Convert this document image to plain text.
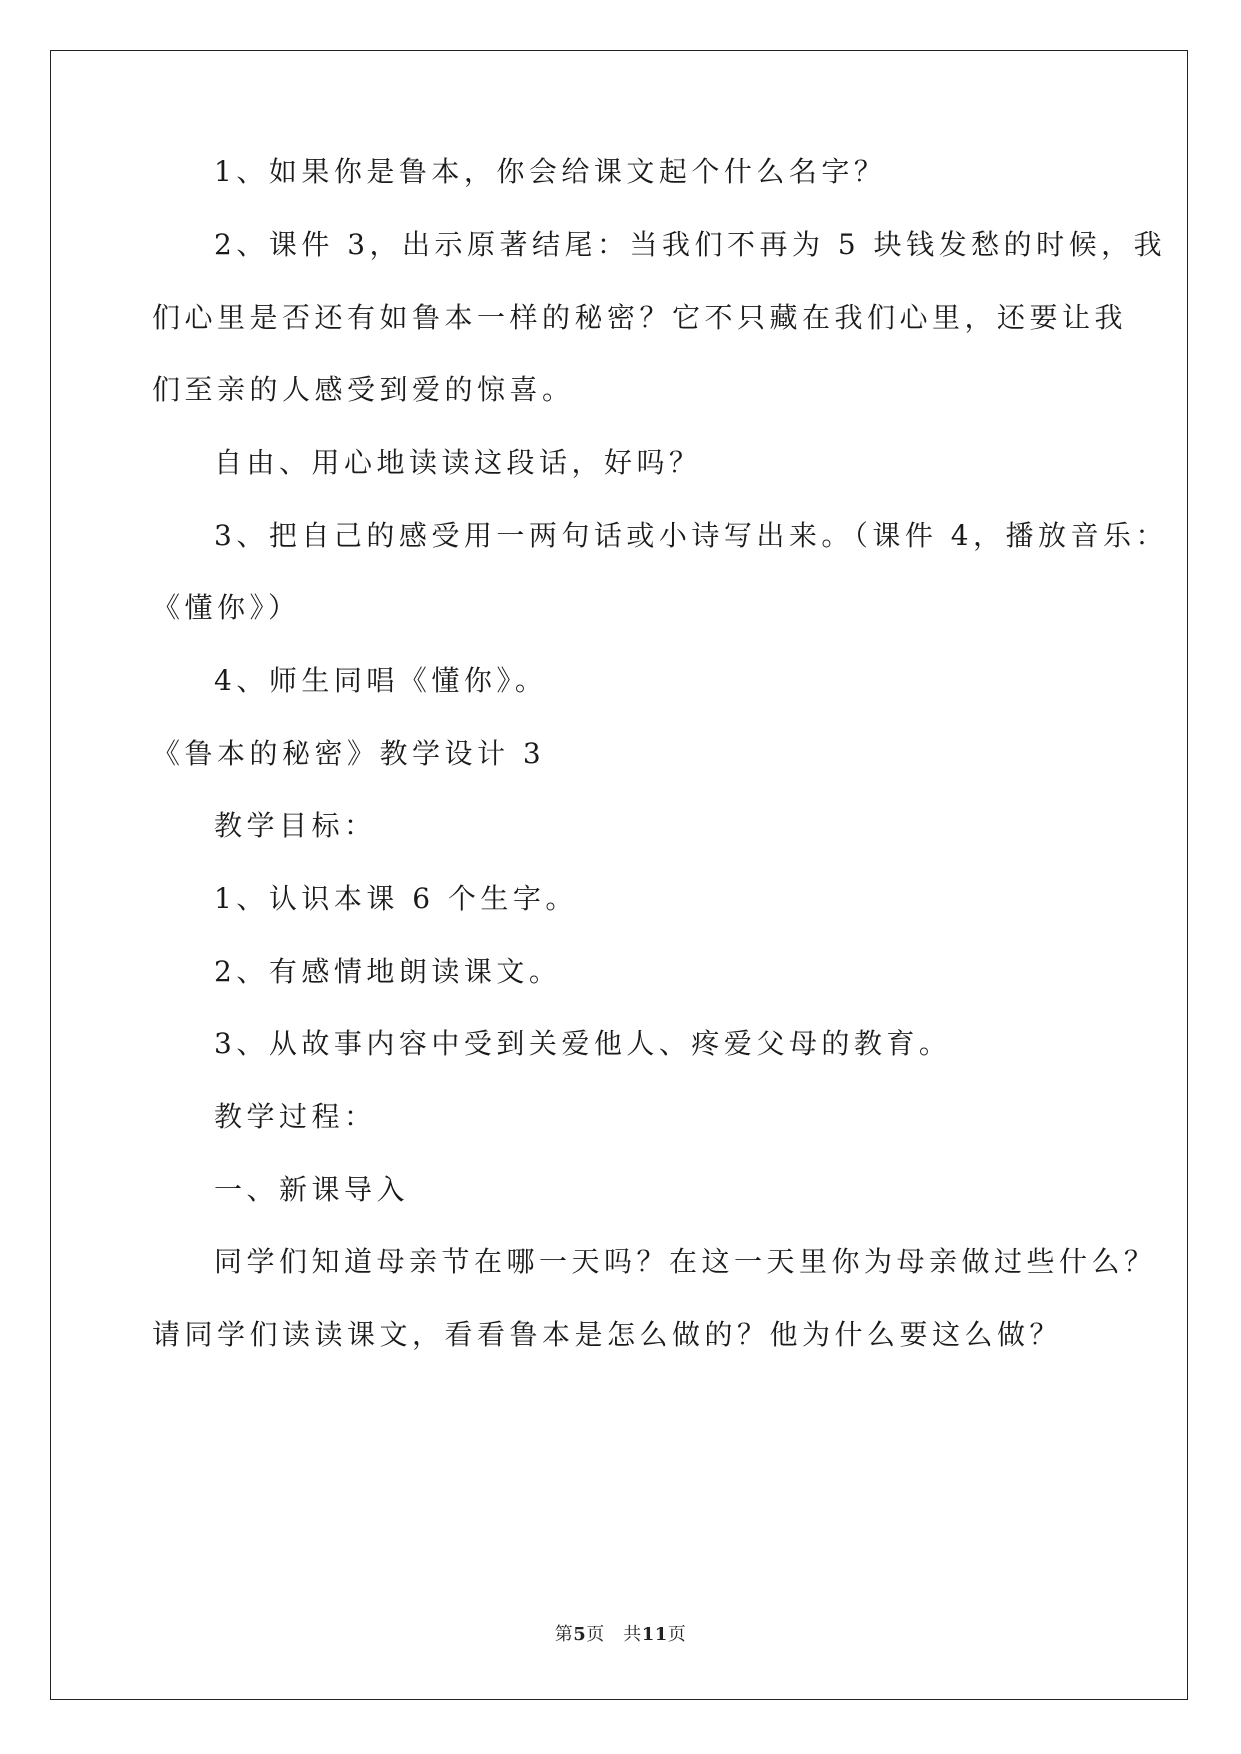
1、如果你是鲁本，你会给课文起个什么名字？
2、课件 3，出示原著结尾：当我们不再为 5 块钱发愁的时候，我
们心里是否还有如鲁本一样的秘密？它不只藏在我们心里，还要让我
们至亲的人感受到爱的惊喜。
自由、用心地读读这段话，好吗？
3、把自己的感受用一两句话或小诗写出来。（课件 4，播放音乐：
《懂你》）
4、师生同唱《懂你》。
《鲁本的秘密》教学设计 3
教学目标：
1、认识本课 6 个生字。
2、有感情地朗读课文。
3、从故事内容中受到关爱他人、疼爱父母的教育。
教学过程：
一、新课导入
同学们知道母亲节在哪一天吗？在这一天里你为母亲做过些什么？
请同学们读读课文，看看鲁本是怎么做的？他为什么要这么做？
第5页　共11页
